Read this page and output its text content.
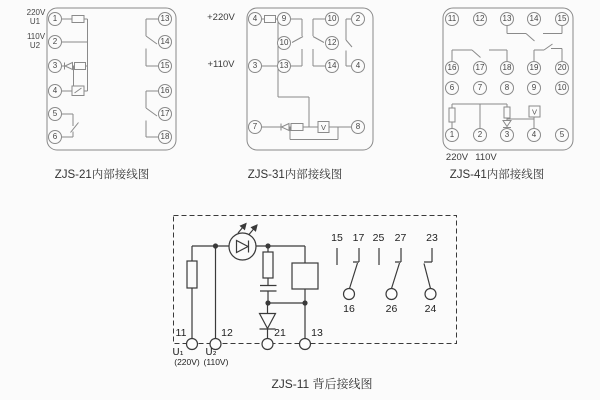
V
V
1
2
3
4
5
6
13
14
15
16
17
18
220V
U1
110V
U2
ZJS-21内部接线图
4
3
9
10
13
10
12
14
2
4
7	8
+220V
+110V
ZJS-31内部接线图
11	12	13	14	15
16	17	18	19	20
6	7	8	9	10
1	2	3	4	5
220V 110V
ZJS-41内部接线图
11	12	21 13
U₁ U₂
(220V) (110V)
15 17 25 27 23
16	26	24
ZJS-11 背后接线图
